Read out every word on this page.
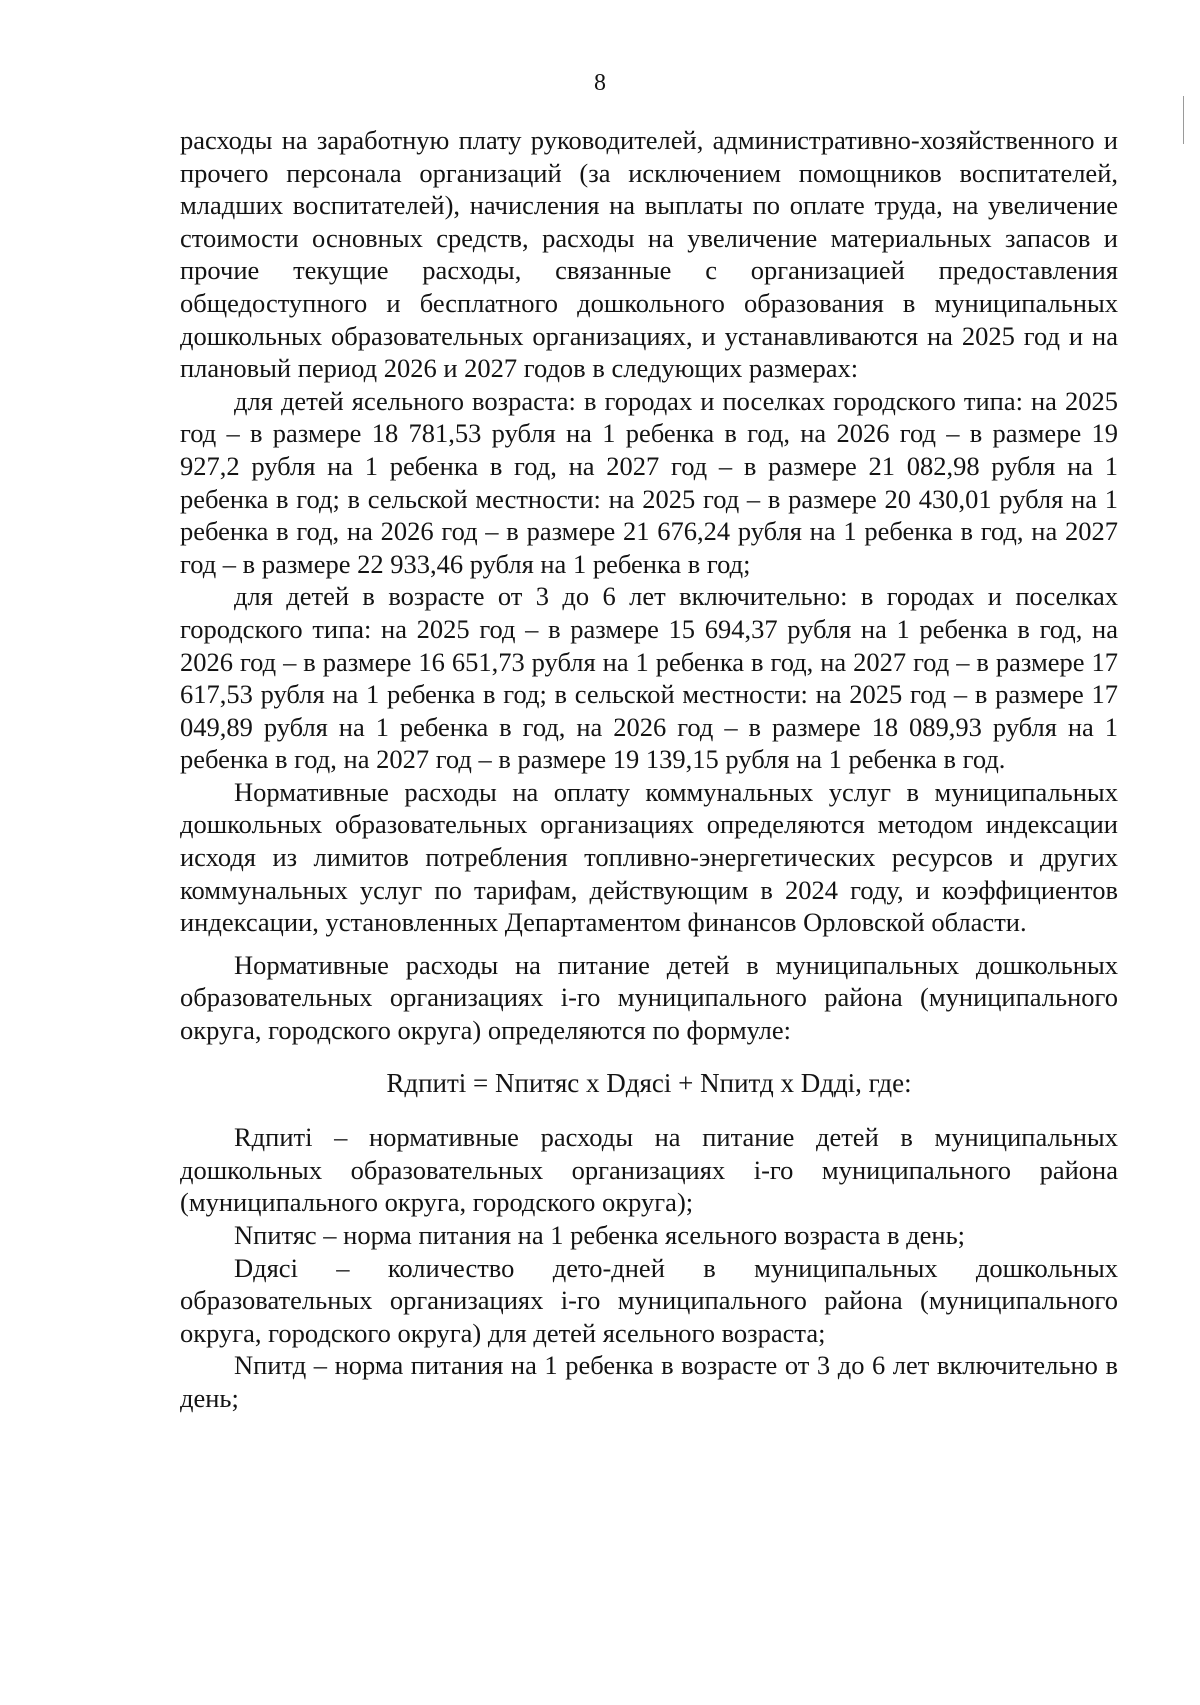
8

расходы на заработную плату руководителей, административно-хозяйственного и прочего персонала организаций (за исключением помощников воспитателей, младших воспитателей), начисления на выплаты по оплате труда, на увеличение стоимости основных средств, расходы на увеличение материальных запасов и прочие текущие расходы, связанные с организацией предоставления общедоступного и бесплатного дошкольного образования в муниципальных дошкольных образовательных организациях, и устанавливаются на 2025 год и на плановый период 2026 и 2027 годов в следующих размерах:

для детей ясельного возраста: в городах и поселках городского типа: на 2025 год – в размере 18 781,53 рубля на 1 ребенка в год, на 2026 год – в размере 19 927,2 рубля на 1 ребенка в год, на 2027 год – в размере 21 082,98 рубля на 1 ребенка в год; в сельской местности: на 2025 год – в размере 20 430,01 рубля на 1 ребенка в год, на 2026 год – в размере 21 676,24 рубля на 1 ребенка в год, на 2027 год – в размере 22 933,46 рубля на 1 ребенка в год;

для детей в возрасте от 3 до 6 лет включительно: в городах и поселках городского типа: на 2025 год – в размере 15 694,37 рубля на 1 ребенка в год, на 2026 год – в размере 16 651,73 рубля на 1 ребенка в год, на 2027 год – в размере 17 617,53 рубля на 1 ребенка в год; в сельской местности: на 2025 год – в размере 17 049,89 рубля на 1 ребенка в год, на 2026 год – в размере 18 089,93 рубля на 1 ребенка в год, на 2027 год – в размере 19 139,15 рубля на 1 ребенка в год.

Нормативные расходы на оплату коммунальных услуг в муниципальных дошкольных образовательных организациях определяются методом индексации исходя из лимитов потребления топливно-энергетических ресурсов и других коммунальных услуг по тарифам, действующим в 2024 году, и коэффициентов индексации, установленных Департаментом финансов Орловской области.

Нормативные расходы на питание детей в муниципальных дошкольных образовательных организациях i-го муниципального района (муниципального округа, городского округа) определяются по формуле:

Rдпитi = Nпитяс x Dдясi + Nпитд x Dддi, где:

Rдпитi – нормативные расходы на питание детей в муниципальных дошкольных образовательных организациях i-го муниципального района (муниципального округа, городского округа);

Nпитяс – норма питания на 1 ребенка ясельного возраста в день;

Dдясi – количество дето-дней в муниципальных дошкольных образовательных организациях i-го муниципального района (муниципального округа, городского округа) для детей ясельного возраста;

Nпитд – норма питания на 1 ребенка в возрасте от 3 до 6 лет включительно в день;
